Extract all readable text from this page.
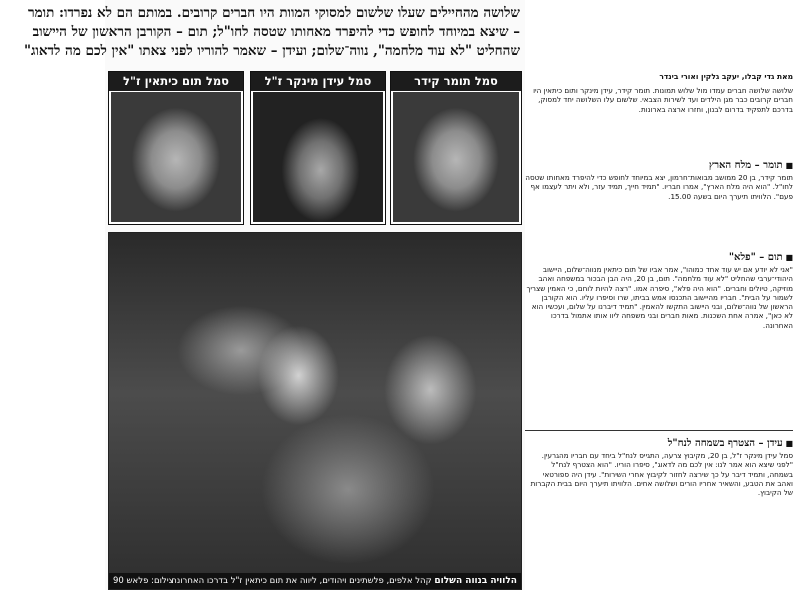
שלושה מהחיילים שעלו שלשום למסוקי המוות היו חברים קרובים. במותם הם לא נפרדו: תומר
– שיצא במיוחד לחופש כדי להיפרד מאחותו שטסה לחו"ל; תום – הקורבן הראשון של היישוב
שהחליט "לא עוד מלחמה", נווה־שלום; ועידן – שאמר להוריו לפני צאתו "אין לכם מה לדאוג"
סמל תום כיתאין ז"ל	סמל עידן מינקר ז"ל	סמל תומר קידר
הלוויה בנווה השלום קהל אלפים, פלשתינים ויהודים, ליווה את תום כיתאין ז"ל בדרכו האחרונה
צילום: פלאש 90
מאת גדי קבלו, יעקב גלקין ואורי בינדר

שלושה שלושה חברים עמדו מול שלוש תמונות. תומר קידר, עידן מינקר ותום כיתאין היו חברים קרובים כבר מגן הילדים ועד לשירות הצבאי. שלשום עלו השלושה יחד למסוק, בדרכם לתפקיד בדרום לבנון, וחזרו ארצה בארונות.

■ תומר – מלח הארץ

תומר קידר, בן 20 ממושב מבואות־חרמון, יצא במיוחד לחופש כדי להיפרד מאחותו שטסה לחו"ל. "הוא היה מלח הארץ", אמרו חבריו. "תמיד חייך, תמיד עזר, ולא ויתר לעצמו אף פעם". הלוויתו תיערך היום בשעה 15.00.

■ תום – "פלא"

"אני לא יודע אם יש עוד אחד כמוהו", אמר אביו של תום כיתאין מנווה־שלום, היישוב היהודי־ערבי שהחליט "לא עוד מלחמה". תום, בן 20, היה הבן הבכור במשפחה ואהב מוזיקה, טיולים וחברים. "הוא היה פלא", סיפרה אמו. "רצה להיות לוחם, כי האמין שצריך לשמור על הבית". חבריו מהיישוב התכנסו אמש בביתו, שרו וסיפרו עליו. הוא הקורבן הראשון של נווה־שלום, ובני היישוב התקשו להאמין. "תמיד דיברנו על שלום, ועכשיו הוא לא כאן", אמרה אחת השכנות. מאות חברים ובני משפחה ליוו אותו אתמול בדרכו האחרונה.

■ עידן – הצטרף בשמחה לנח"ל

סמל עידן מינקר ז"ל, בן 20, מקיבוץ צרעה, התגייס לנח"ל ביחד עם חבריו מהגרעין. "לפני שיצא הוא אמר לנו: אין לכם מה לדאוג", סיפרו הוריו. "הוא הצטרף לנח"ל בשמחה, ותמיד דיבר על כך שירצה לחזור לקיבוץ אחרי השירות". עידן היה ספורטאי ואהב את הטבע, והשאיר אחריו הורים ושלושה אחים. הלוויתו תיערך היום בבית הקברות של הקיבוץ.
